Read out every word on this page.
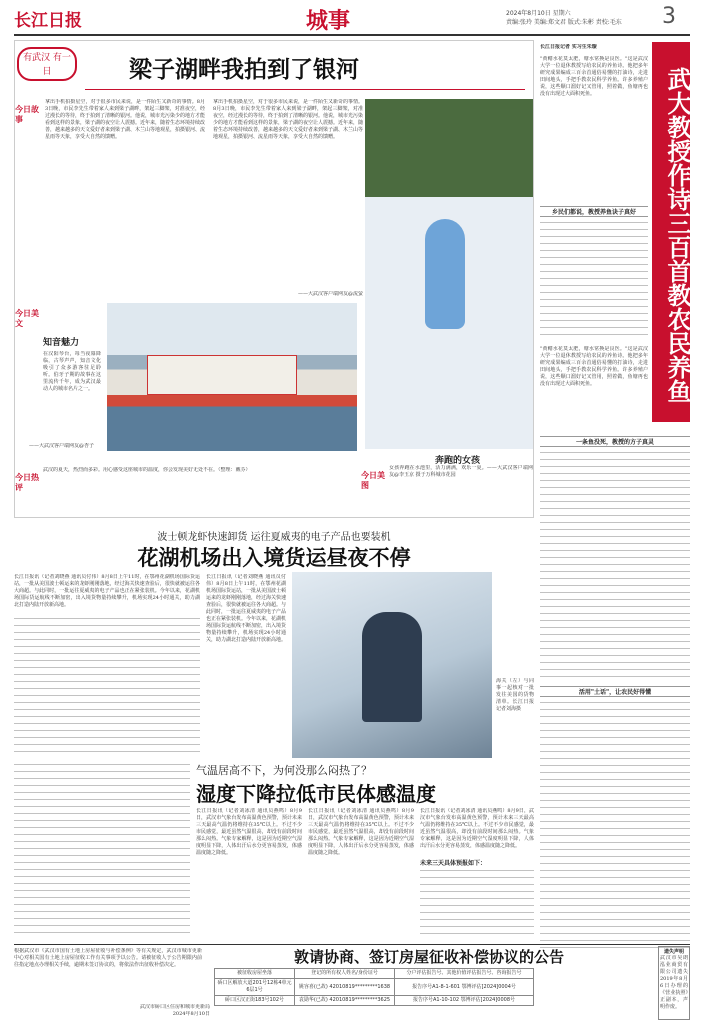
长江日报	城事	2024年8月10日 星期六
责编:张玲 美编:郑文君 版式:朱彬 责校:毛东 3
有武汉 有一日	梁子湖畔我拍到了银河
今日故事
拿出手机拍摄星空，对于很多市民来说，是一件陌生又新奇的事情。8月3日晚，市民李先生带着家人来到梁子湖畔，架起三脚架，对准夜空，经过漫长的等待，终于拍到了清晰的银河。他说，城市光污染少的地方才能看到这样的景象，梁子湖的夜空让人震撼。近年来，随着生态环境持续改善，越来越多的天文爱好者来到梁子湖、木兰山等地观星，拍摄银河、流星雨等天象，享受大自然的馈赠。
拿出手机拍摄星空，对于很多市民来说，是一件陌生又新奇的事情。8月3日晚，市民李先生带着家人来到梁子湖畔，架起三脚架，对准夜空，经过漫长的等待，终于拍到了清晰的银河。他说，城市光污染少的地方才能看到这样的景象，梁子湖的夜空让人震撼。近年来，随着生态环境持续改善，越来越多的天文爱好者来到梁子湖、木兰山等地观星，拍摄银河、流星雨等天象，享受大自然的馈赠。
——大武汉客户端网友@流萤
今日美文
知音魅力
在汉阳琴台，每当夜幕降临，古琴声声，知音文化吸引了众多游客驻足聆听。伯牙子期的故事在这里流传千年，成为武汉最动人的城市名片之一。
——大武汉客户端网友@杏子
奔跑的女孩
今日美图
女孩奔跑在水池里，活力满满，欢乐一夏。——大武汉客户端网友@李玉京 摄于万科城市花园
今日热评
武汉的夏天，热烈而多彩。用心感受这座城市的温度，你会发现美好无处不在。（整理：戴芬）
长江日报记者 实习生朱璇
武大教授作诗三百首教农民养鱼
"黄鳝水花莫太肥，塘水常换是良医。"这是武汉大学一位退休教授写给农民的养鱼诗。他把多年研究成果编成三百余首通俗易懂的打油诗，走进田间地头，手把手教农民科学养鱼。许多养殖户说，这些顺口溜好记又管用，照着做，鱼塘再也没有出现过大面积死鱼。
乡民们都说，教授养鱼诀子真好
"黄鳝水花莫太肥，塘水常换是良医。"这是武汉大学一位退休教授写给农民的养鱼诗。他把多年研究成果编成三百余首通俗易懂的打油诗，走进田间地头，手把手教农民科学养鱼。许多养殖户说，这些顺口溜好记又管用，照着做，鱼塘再也没有出现过大面积死鱼。
一条鱼没死，教授的方子真灵
活用"土话"，让农民好得懂
波士顿龙虾快速卸货 运往夏威夷的电子产品也要装机
花湖机场出入境货运昼夜不停
长江日报讯（记者刘晓燕 通讯员付伟）8月8日上午11时，在鄂州花湖机场国际货运站，一批从美国波士顿运来的龙虾刚刚落地，经过海关快速查验后，很快就被运往各大商超。与此同时，一批运往夏威夷的电子产品也正在紧张装机。今年以来，花湖机场国际货运航线不断加密，出入境货物量持续攀升，机场实现24小时通关，助力湖北打造内陆开放新高地。
长江日报讯（记者刘晓燕 通讯员付伟）8月8日上午11时，在鄂州花湖机场国际货运站，一批从美国波士顿运来的龙虾刚刚落地，经过海关快速查验后，很快就被运往各大商超。与此同时，一批运往夏威夷的电子产品也正在紧张装机。今年以来，花湖机场国际货运航线不断加密，出入境货物量持续攀升，机场实现24小时通关，助力湖北打造内陆开放新高地。
海关（左）与同事一起核对一批发往美国的货物清单。长江日报记者刘海摄
气温居高不下，为何没那么闷热了？
湿度下降拉低市民体感温度
长江日报讯（记者刘冰清 通讯员燕鸣）8月9日，武汉市气象台发布高温黄色预警，预计未来三天最高气温仍将维持在35℃以上。不过不少市民感觉，最近虽然气温很高，却没有前段时间那么闷热。气象专家解释，这是因为近期空气湿度明显下降，人体出汗后水分更容易蒸发，体感温度随之降低。
长江日报讯（记者刘冰清 通讯员燕鸣）8月9日，武汉市气象台发布高温黄色预警，预计未来三天最高气温仍将维持在35℃以上。不过不少市民感觉，最近虽然气温很高，却没有前段时间那么闷热。气象专家解释，这是因为近期空气湿度明显下降，人体出汗后水分更容易蒸发，体感温度随之降低。
长江日报讯（记者刘冰清 通讯员燕鸣）8月9日，武汉市气象台发布高温黄色预警，预计未来三天最高气温仍将维持在35℃以上。不过不少市民感觉，最近虽然气温很高，却没有前段时间那么闷热。气象专家解释，这是因为近期空气湿度明显下降，人体出汗后水分更容易蒸发，体感温度随之降低。
未来三天具体预报如下：
根据武汉市《武汉市国有土地上房屋征收与补偿条例》等有关规定，武汉市城市更新中心对相关国有土地上房屋征收工作有关事项予以公告。请被征收人于公告期限内前往指定地点办理相关手续，逾期未签订协议的，将依法作出征收补偿决定。
武汉市硚口区住房和城市更新局
2024年8月10日
敦请协商、签订房屋征收补偿协议的公告
被征收房屋坐落	登记的所有权人姓名/身份证号	分户评估报告号、其他价值评估报告号、咨询报告号
硚口区解放大道201号12栋4单元6层1号	姚容喜(已故) 42010819*********1638	报告序号A1-8-1-601 鄂博评估[2024]0004号
硚口区汉正街183号102号	袁勋华(已故) 42010819*********3625	报告序号A1-10-102 鄂博评估[2024]0008号
遗失声明
武汉市昊朗泓业商贸有限公司遗失2019年8月6日办理的《营业执照》正副本，声明作废。
